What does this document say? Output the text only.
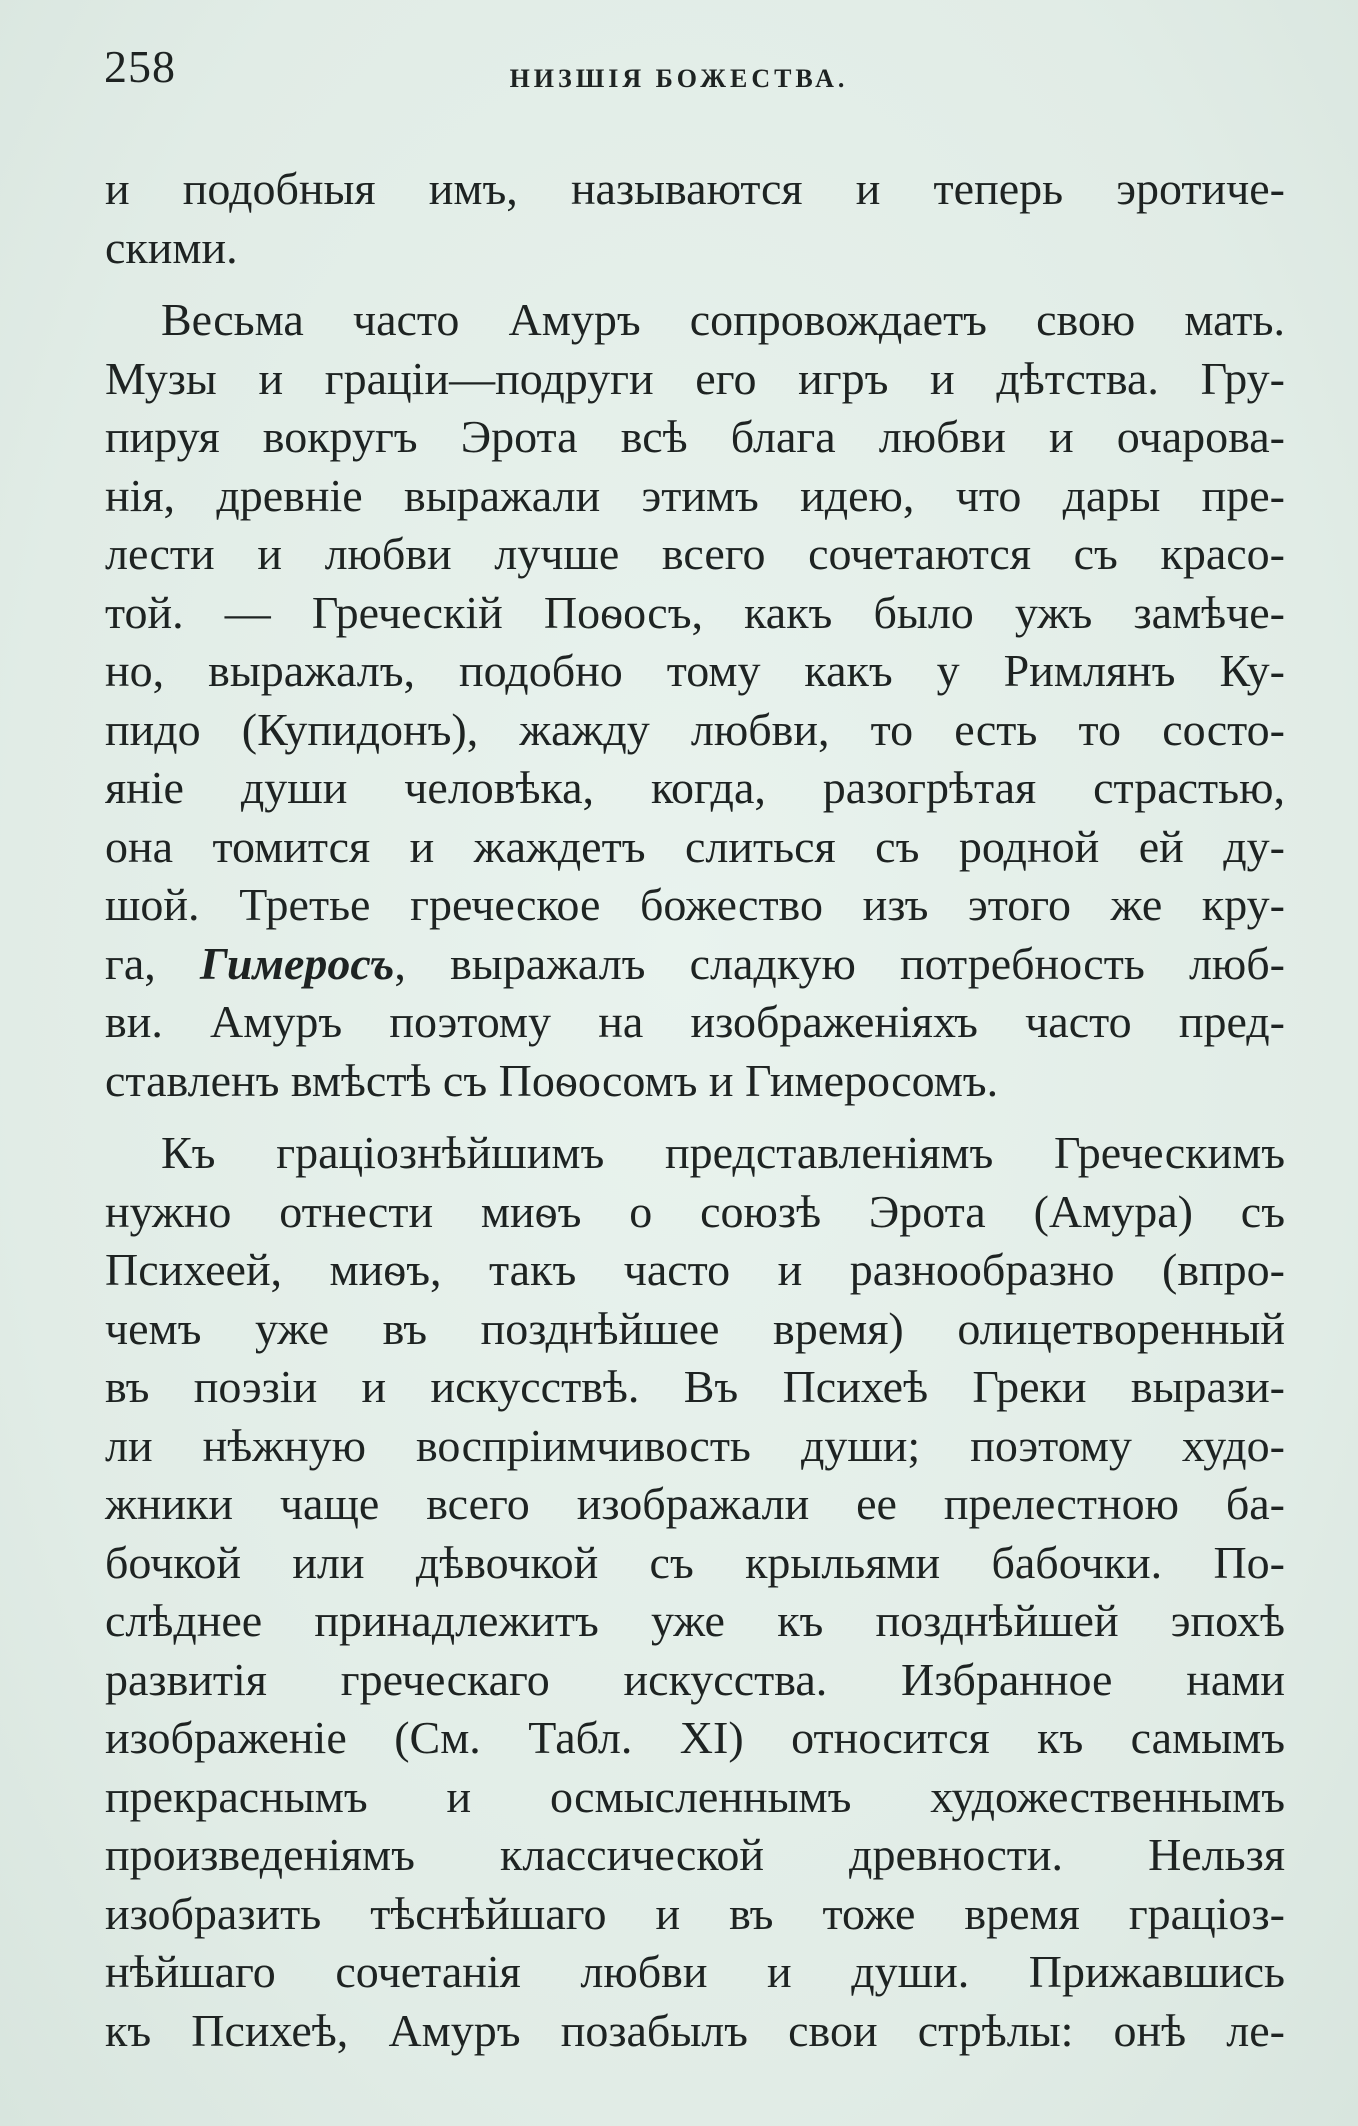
258	НИЗШІЯ БОЖЕСТВА.
и подобныя имъ, называются и теперь эротиче-
скими.
Весьма часто Амуръ сопровождаетъ свою мать.
Музы и граціи—подруги его игръ и дѣтства. Гру-
пируя вокругъ Эрота всѣ блага любви и очарова-
нія, древніе выражали этимъ идею, что дары пре-
лести и любви лучше всего сочетаются съ красо-
той. — Греческій Поѳосъ, какъ было ужъ замѣче-
но, выражалъ, подобно тому какъ у Римлянъ Ку-
пидо (Купидонъ), жажду любви, то есть то состо-
яніе души человѣка, когда, разогрѣтая страстью,
она томится и жаждетъ слиться съ родной ей ду-
шой. Третье греческое божество изъ этого же кру-
га, Гимеросъ, выражалъ сладкую потребность люб-
ви. Амуръ поэтому на изображеніяхъ часто пред-
ставленъ вмѣстѣ съ Поѳосомъ и Гимеросомъ.
Къ граціознѣйшимъ представленіямъ Греческимъ
нужно отнести миѳъ о союзѣ Эрота (Амура) съ
Психеей, миѳъ, такъ часто и разнообразно (впро-
чемъ уже въ позднѣйшее время) олицетворенный
въ поэзіи и искусствѣ. Въ Психеѣ Греки вырази-
ли нѣжную воспріимчивость души; поэтому худо-
жники чаще всего изображали ее прелестною ба-
бочкой или дѣвочкой съ крыльями бабочки. По-
слѣднее принадлежитъ уже къ позднѣйшей эпохѣ
развитія греческаго искусства. Избранное нами
изображеніе (См. Табл. XI) относится къ самымъ
прекраснымъ и осмысленнымъ художественнымъ
произведеніямъ классической древности. Нельзя
изобразить тѣснѣйшаго и въ тоже время граціоз-
нѣйшаго сочетанія любви и души. Прижавшись
къ Психеѣ, Амуръ позабылъ свои стрѣлы: онѣ ле-
